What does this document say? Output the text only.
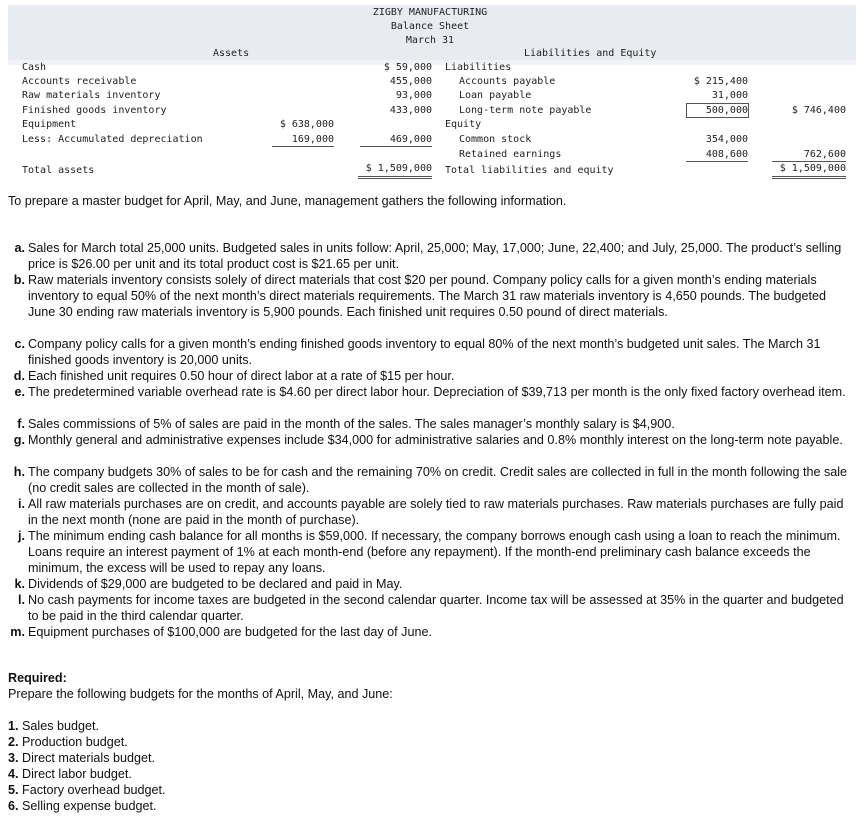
ZIGBY MANUFACTURING
Balance Sheet
March 31
Assets	Liabilities and Equity
Cash
Accounts receivable
Raw materials inventory
Finished goods inventory
Equipment
Less: Accumulated depreciation
Total assets
$ 638,000
169,000
$ 59,000
455,000
93,000
433,000
469,000
$ 1,509,000
Liabilities
Accounts payable
Loan payable
Long-term note payable
Equity
Common stock
Retained earnings
Total liabilities and equity
$ 215,400
31,000
500,000
354,000
408,600
$ 746,400
762,600
$ 1,509,000
To prepare a master budget for April, May, and June, management gathers the following information.
a. Sales for March total 25,000 units. Budgeted sales in units follow: April, 25,000; May, 17,000; June, 22,400; and July, 25,000. The product’s selling price is $26.00 per unit and its total product cost is $21.65 per unit.
b. Raw materials inventory consists solely of direct materials that cost $20 per pound. Company policy calls for a given month’s ending materials inventory to equal 50% of the next month’s direct materials requirements. The March 31 raw materials inventory is 4,650 pounds. The budgeted June 30 ending raw materials inventory is 5,900 pounds. Each finished unit requires 0.50 pound of direct materials.
c. Company policy calls for a given month’s ending finished goods inventory to equal 80% of the next month’s budgeted unit sales. The March 31 finished goods inventory is 20,000 units.
d. Each finished unit requires 0.50 hour of direct labor at a rate of $15 per hour.
e. The predetermined variable overhead rate is $4.60 per direct labor hour. Depreciation of $39,713 per month is the only fixed factory overhead item.
f. Sales commissions of 5% of sales are paid in the month of the sales. The sales manager’s monthly salary is $4,900.
g. Monthly general and administrative expenses include $34,000 for administrative salaries and 0.8% monthly interest on the long-term note payable.
h. The company budgets 30% of sales to be for cash and the remaining 70% on credit. Credit sales are collected in full in the month following the sale (no credit sales are collected in the month of sale).
i. All raw materials purchases are on credit, and accounts payable are solely tied to raw materials purchases. Raw materials purchases are fully paid in the next month (none are paid in the month of purchase).
j. The minimum ending cash balance for all months is $59,000. If necessary, the company borrows enough cash using a loan to reach the minimum. Loans require an interest payment of 1% at each month-end (before any repayment). If the month-end preliminary cash balance exceeds the minimum, the excess will be used to repay any loans.
k. Dividends of $29,000 are budgeted to be declared and paid in May.
l. No cash payments for income taxes are budgeted in the second calendar quarter. Income tax will be assessed at 35% in the quarter and budgeted to be paid in the third calendar quarter.
m. Equipment purchases of $100,000 are budgeted for the last day of June.
Required:
Prepare the following budgets for the months of April, May, and June:
1. Sales budget.
2. Production budget.
3. Direct materials budget.
4. Direct labor budget.
5. Factory overhead budget.
6. Selling expense budget.
